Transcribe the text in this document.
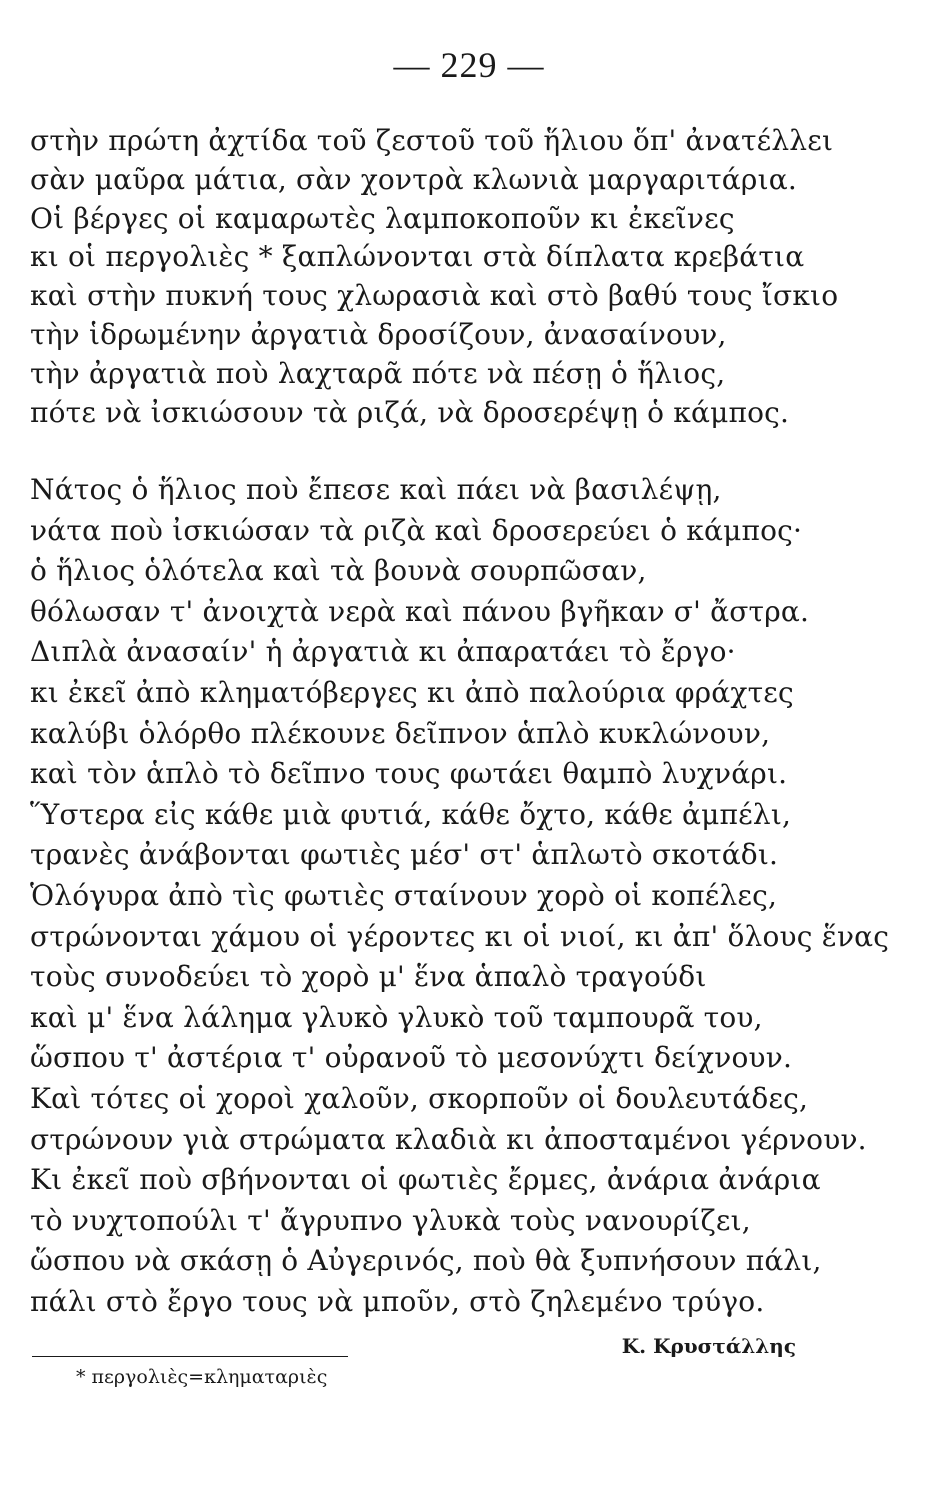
— 229 —
στὴν πρώτη ἀχτίδα τοῦ ζεστοῦ τοῦ ἥλιου ὅπ' ἀνατέλλει
σὰν μαῦρα μάτια, σὰν χοντρὰ κλωνιὰ μαργαριτάρια.
Οἱ βέργες οἱ καμαρωτὲς λαμποκοποῦν κι ἐκεῖνες
κι οἱ περγολιὲς * ξαπλώνονται στὰ δίπλατα κρεβάτια
καὶ στὴν πυκνή τους χλωρασιὰ καὶ στὸ βαθύ τους ἴσκιο
τὴν ἱδρωμένην ἀργατιὰ δροσίζουν, ἀνασαίνουν,
τὴν ἀργατιὰ ποὺ λαχταρᾶ πότε νὰ πέσῃ ὁ ἥλιος,
πότε νὰ ἰσκιώσουν τὰ ριζά, νὰ δροσερέψῃ ὁ κάμπος.
Νάτος ὁ ἥλιος ποὺ ἔπεσε καὶ πάει νὰ βασιλέψῃ,
νάτα ποὺ ἰσκιώσαν τὰ ριζὰ καὶ δροσερεύει ὁ κάμπος·
ὁ ἥλιος ὁλότελα καὶ τὰ βουνὰ σουρπῶσαν,
θόλωσαν τ' ἀνοιχτὰ νερὰ καὶ πάνου βγῆκαν σ' ἄστρα.
Διπλὰ ἀνασαίν' ἡ ἀργατιὰ κι ἀπαρατάει τὸ ἔργο·
κι ἐκεῖ ἀπὸ κληματόβεργες κι ἀπὸ παλούρια φράχτες
καλύβι ὁλόρθο πλέκουνε δεῖπνον ἁπλὸ κυκλώνουν,
καὶ τὸν ἁπλὸ τὸ δεῖπνο τους φωτάει θαμπὸ λυχνάρι.
Ὕστερα εἰς κάθε μιὰ φυτιά, κάθε ὄχτο, κάθε ἀμπέλι,
τρανὲς ἀνάβονται φωτιὲς μέσ' στ' ἁπλωτὸ σκοτάδι.
Ὁλόγυρα ἀπὸ τὶς φωτιὲς σταίνουν χορὸ οἱ κοπέλες,
στρώνονται χάμου οἱ γέροντες κι οἱ νιοί, κι ἀπ' ὅλους ἕνας
τοὺς συνοδεύει τὸ χορὸ μ' ἕνα ἁπαλὸ τραγούδι
καὶ μ' ἕνα λάλημα γλυκὸ γλυκὸ τοῦ ταμπουρᾶ του,
ὥσπου τ' ἀστέρια τ' οὐρανοῦ τὸ μεσονύχτι δείχνουν.
Καὶ τότες οἱ χοροὶ χαλοῦν, σκορποῦν οἱ δουλευτάδες,
στρώνουν γιὰ στρώματα κλαδιὰ κι ἀποσταμένοι γέρνουν.
Κι ἐκεῖ ποὺ σβήνονται οἱ φωτιὲς ἔρμες, ἀνάρια ἀνάρια
τὸ νυχτοπούλι τ' ἄγρυπνο γλυκὰ τοὺς νανουρίζει,
ὥσπου νὰ σκάσῃ ὁ Αὐγερινός, ποὺ θὰ ξυπνήσουν πάλι,
πάλι στὸ ἔργο τους νὰ μποῦν, στὸ ζηλεμένο τρύγο.
Κ. Κρυστάλλης
* περγολιὲς=κληματαριὲς
